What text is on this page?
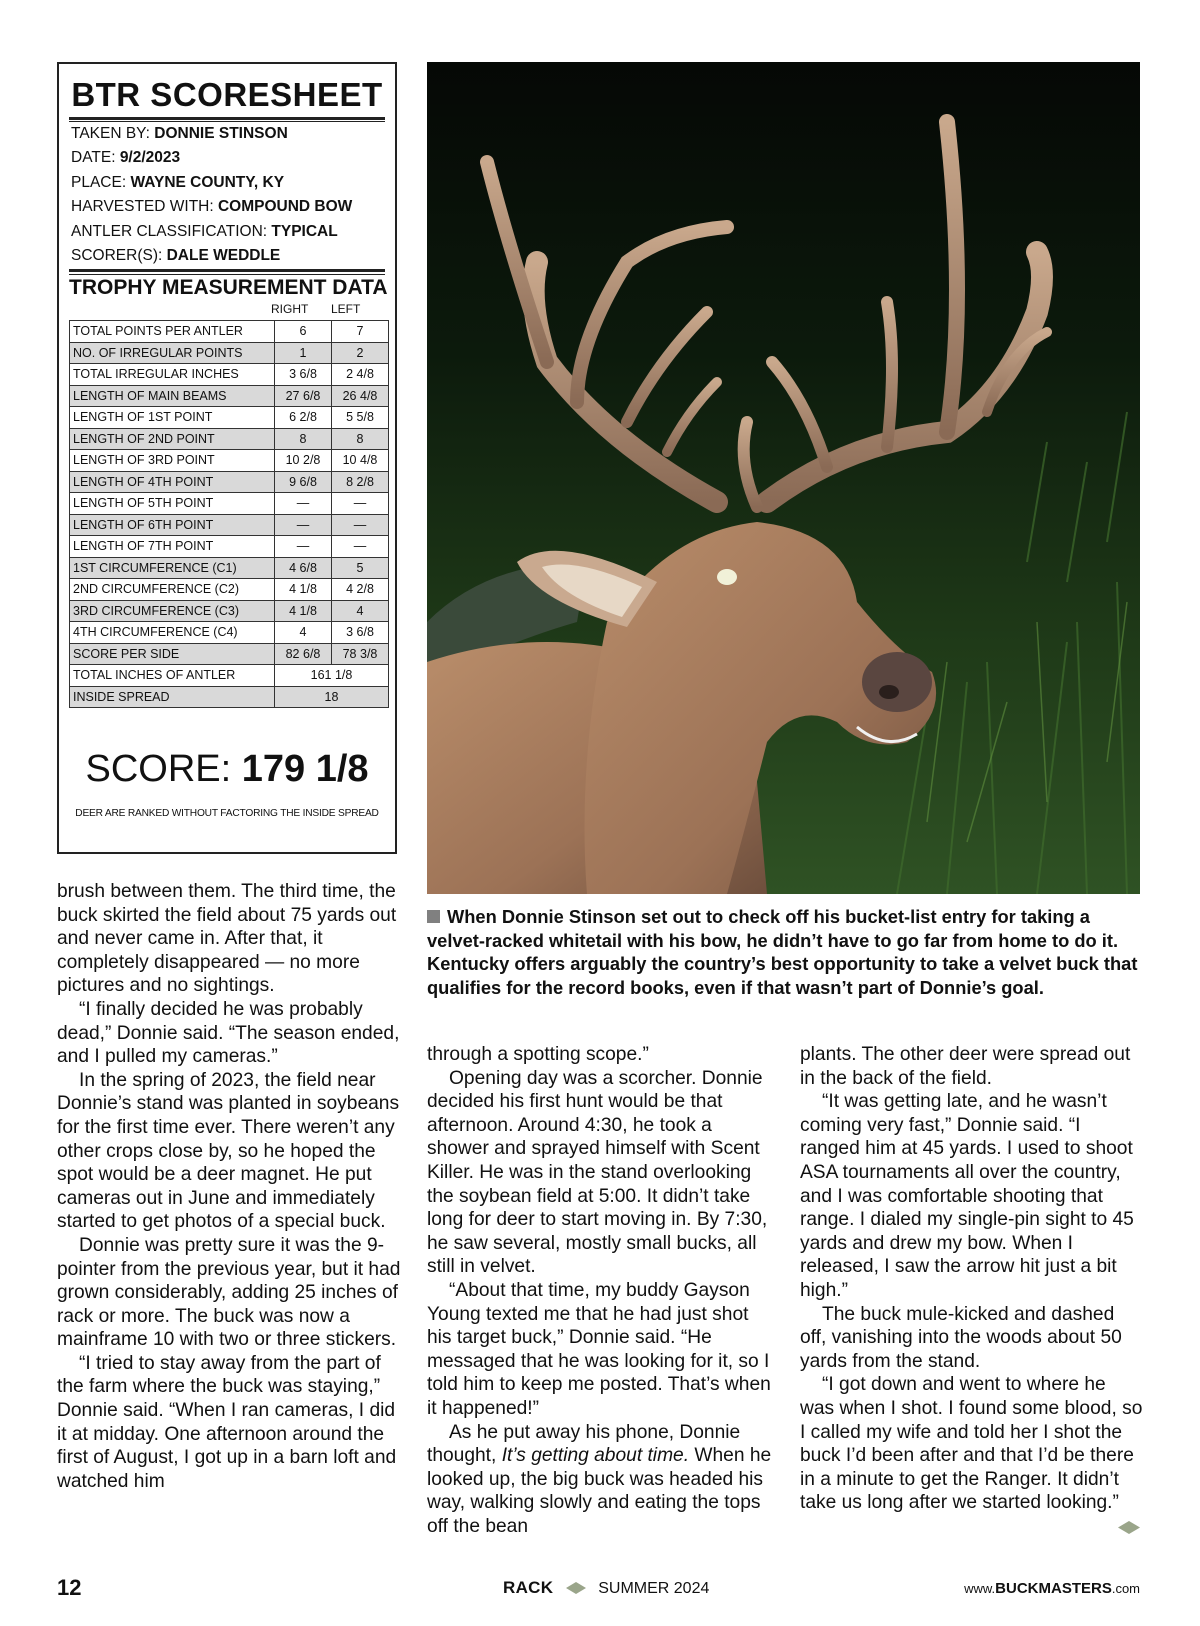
BTR SCORESHEET
TAKEN BY: DONNIE STINSON
DATE: 9/2/2023
PLACE: WAYNE COUNTY, KY
HARVESTED WITH: COMPOUND BOW
ANTLER CLASSIFICATION: TYPICAL
SCORER(S): DALE WEDDLE
TROPHY MEASUREMENT DATA
RIGHT LEFT
TOTAL POINTS PER ANTLER	6	7
NO. OF IRREGULAR POINTS	1	2
TOTAL IRREGULAR INCHES	3 6/8	2 4/8
LENGTH OF MAIN BEAMS	27 6/8	26 4/8
LENGTH OF 1ST POINT	6 2/8	5 5/8
LENGTH OF 2ND POINT	8	8
LENGTH OF 3RD POINT	10 2/8	10 4/8
LENGTH OF 4TH POINT	9 6/8	8 2/8
LENGTH OF 5TH POINT	—	—
LENGTH OF 6TH POINT	—	—
LENGTH OF 7TH POINT	—	—
1ST CIRCUMFERENCE (C1)	4 6/8	5
2ND CIRCUMFERENCE (C2)	4 1/8	4 2/8
3RD CIRCUMFERENCE (C3)	4 1/8	4
4TH CIRCUMFERENCE (C4)	4	3 6/8
SCORE PER SIDE	82 6/8	78 3/8
TOTAL INCHES OF ANTLER	161 1/8	
INSIDE SPREAD	18	
SCORE: 179 1/8
DEER ARE RANKED WITHOUT FACTORING THE INSIDE SPREAD
When Donnie Stinson set out to check off his bucket-list entry for taking a velvet-racked whitetail with his bow, he didn’t have to go far from home to do it. Kentucky offers arguably the country’s best opportunity to take a velvet buck that qualifies for the record books, even if that wasn’t part of Donnie’s goal.

brush between them. The third time, the buck skirted the field about 75 yards out and never came in. After that, it completely disappeared — no more pictures and no sightings.

“I finally decided he was probably dead,” Donnie said. “The season ended, and I pulled my cameras.”

In the spring of 2023, the field near Donnie’s stand was planted in soybeans for the first time ever. There weren’t any other crops close by, so he hoped the spot would be a deer magnet. He put cameras out in June and immediately started to get photos of a special buck.

Donnie was pretty sure it was the 9-pointer from the previous year, but it had grown considerably, adding 25 inches of rack or more. The buck was now a mainframe 10 with two or three stickers.

“I tried to stay away from the part of the farm where the buck was staying,” Donnie said. “When I ran cameras, I did it at midday. One afternoon around the first of August, I got up in a barn loft and watched him

through a spotting scope.”

Opening day was a scorcher. Donnie decided his first hunt would be that afternoon. Around 4:30, he took a shower and sprayed himself with Scent Killer. He was in the stand overlooking the soybean field at 5:00. It didn’t take long for deer to start moving in. By 7:30, he saw several, mostly small bucks, all still in velvet.

“About that time, my buddy Gayson Young texted me that he had just shot his target buck,” Donnie said. “He messaged that he was looking for it, so I told him to keep me posted. That’s when it happened!”

As he put away his phone, Donnie thought, It’s getting about time. When he looked up, the big buck was headed his way, walking slowly and eating the tops off the bean

plants. The other deer were spread out in the back of the field.

“It was getting late, and he wasn’t coming very fast,” Donnie said. “I ranged him at 45 yards. I used to shoot ASA tournaments all over the country, and I was comfortable shooting that range. I dialed my single-pin sight to 45 yards and drew my bow. When I released, I saw the arrow hit just a bit high.”

The buck mule-kicked and dashed off, vanishing into the woods about 50 yards from the stand.

“I got down and went to where he was when I shot. I found some blood, so I called my wife and told her I shot the buck I’d been after and that I’d be there in a minute to get the Ranger. It didn’t take us long after we started looking.”

12	RACK	SUMMER 2024	www.BUCKMASTERS.com
